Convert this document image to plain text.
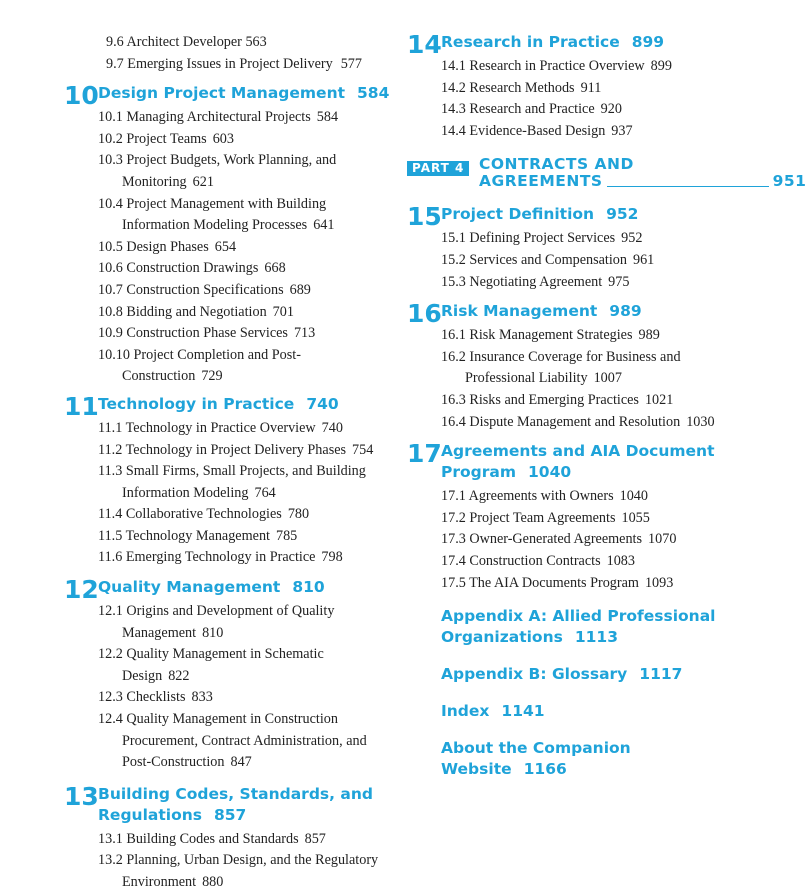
9.6 Architect Developer 563
9.7 Emerging Issues in Project Delivery 577
10 Design Project Management 584
10.1 Managing Architectural Projects 584
10.2 Project Teams 603
10.3 Project Budgets, Work Planning, and Monitoring 621
10.4 Project Management with Building Information Modeling Processes 641
10.5 Design Phases 654
10.6 Construction Drawings 668
10.7 Construction Specifications 689
10.8 Bidding and Negotiation 701
10.9 Construction Phase Services 713
10.10 Project Completion and Post-Construction 729
11 Technology in Practice 740
11.1 Technology in Practice Overview 740
11.2 Technology in Project Delivery Phases 754
11.3 Small Firms, Small Projects, and Building Information Modeling 764
11.4 Collaborative Technologies 780
11.5 Technology Management 785
11.6 Emerging Technology in Practice 798
12 Quality Management 810
12.1 Origins and Development of Quality Management 810
12.2 Quality Management in Schematic Design 822
12.3 Checklists 833
12.4 Quality Management in Construction Procurement, Contract Administration, and Post-Construction 847
13 Building Codes, Standards, and Regulations 857
13.1 Building Codes and Standards 857
13.2 Planning, Urban Design, and the Regulatory Environment 880
14 Research in Practice 899
14.1 Research in Practice Overview 899
14.2 Research Methods 911
14.3 Research and Practice 920
14.4 Evidence-Based Design 937
PART 4 CONTRACTS AND
AGREEMENTS	951
15 Project Definition 952
15.1 Defining Project Services 952
15.2 Services and Compensation 961
15.3 Negotiating Agreement 975
16 Risk Management 989
16.1 Risk Management Strategies 989
16.2 Insurance Coverage for Business and Professional Liability 1007
16.3 Risks and Emerging Practices 1021
16.4 Dispute Management and Resolution 1030
17 Agreements and AIA Document Program 1040
17.1 Agreements with Owners 1040
17.2 Project Team Agreements 1055
17.3 Owner-Generated Agreements 1070
17.4 Construction Contracts 1083
17.5 The AIA Documents Program 1093
Appendix A: Allied Professional Organizations 1113
Appendix B: Glossary 1117
Index 1141
About the Companion Website 1166
